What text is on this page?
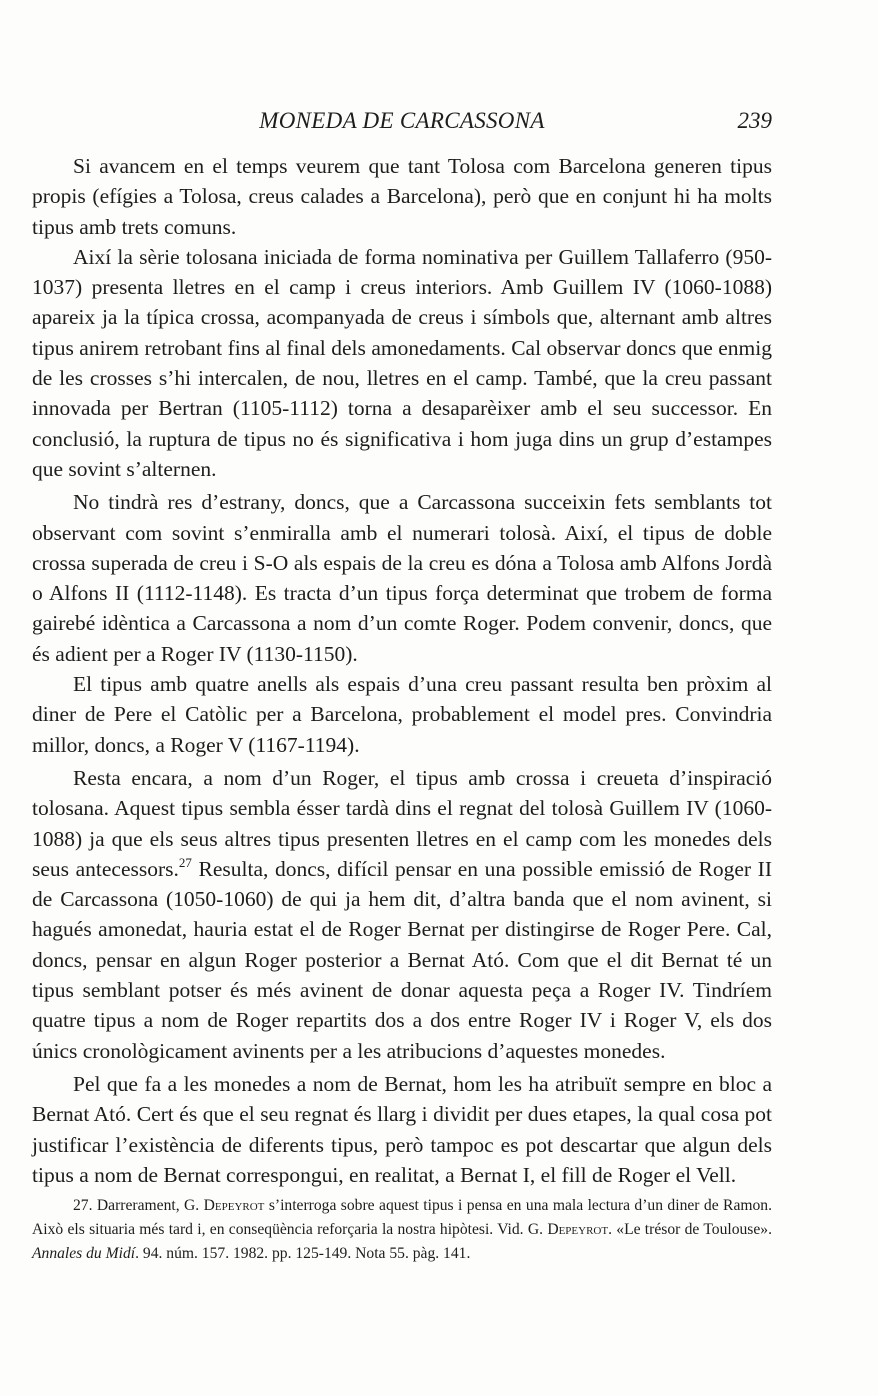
MONEDA DE CARCASSONA	239

Si avancem en el temps veurem que tant Tolosa com Barcelona generen tipus propis (efígies a Tolosa, creus calades a Barcelona), però que en conjunt hi ha molts tipus amb trets comuns.

Així la sèrie tolosana iniciada de forma nominativa per Guillem Tallaferro (950-1037) presenta lletres en el camp i creus interiors. Amb Guillem IV (1060-1088) apareix ja la típica crossa, acompanyada de creus i símbols que, alternant amb altres tipus anirem retrobant fins al final dels amonedaments. Cal observar doncs que enmig de les crosses s’hi intercalen, de nou, lletres en el camp. També, que la creu passant innovada per Bertran (1105-1112) torna a desaparèixer amb el seu successor. En conclusió, la ruptura de tipus no és significativa i hom juga dins un grup d’estampes que sovint s’alternen.

No tindrà res d’estrany, doncs, que a Carcassona succeixin fets semblants tot observant com sovint s’enmiralla amb el numerari tolosà. Així, el tipus de doble crossa superada de creu i S-O als espais de la creu es dóna a Tolosa amb Alfons Jordà o Alfons II (1112-1148). Es tracta d’un tipus força determinat que trobem de forma gairebé idèntica a Carcassona a nom d’un comte Roger. Podem convenir, doncs, que és adient per a Roger IV (1130-1150).

El tipus amb quatre anells als espais d’una creu passant resulta ben pròxim al diner de Pere el Catòlic per a Barcelona, probablement el model pres. Convindria millor, doncs, a Roger V (1167-1194).

Resta encara, a nom d’un Roger, el tipus amb crossa i creueta d’inspiració tolosana. Aquest tipus sembla ésser tardà dins el regnat del tolosà Guillem IV (1060-1088) ja que els seus altres tipus presenten lletres en el camp com les monedes dels seus antecessors.$^{27}$ Resulta, doncs, difícil pensar en una possible emissió de Roger II de Carcassona (1050-1060) de qui ja hem dit, d’altra banda que el nom avinent, si hagués amonedat, hauria estat el de Roger Bernat per distingirse de Roger Pere. Cal, doncs, pensar en algun Roger posterior a Bernat Ató. Com que el dit Bernat té un tipus semblant potser és més avinent de donar aquesta peça a Roger IV. Tindríem quatre tipus a nom de Roger repartits dos a dos entre Roger IV i Roger V, els dos únics cronològicament avinents per a les atribucions d’aquestes monedes.

Pel que fa a les monedes a nom de Bernat, hom les ha atribuït sempre en bloc a Bernat Ató. Cert és que el seu regnat és llarg i dividit per dues etapes, la qual cosa pot justificar l’existència de diferents tipus, però tampoc es pot descartar que algun dels tipus a nom de Bernat correspongui, en realitat, a Bernat I, el fill de Roger el Vell.

27. Darrerament, G. Depeyrot s’interroga sobre aquest tipus i pensa en una mala lectura d’un diner de Ramon. Això els situaria més tard i, en conseqüència reforçaria la nostra hipòtesi. Vid. G. Depeyrot. «Le trésor de Toulouse». Annales du Midí. 94. núm. 157. 1982. pp. 125-149. Nota 55. pàg. 141.
